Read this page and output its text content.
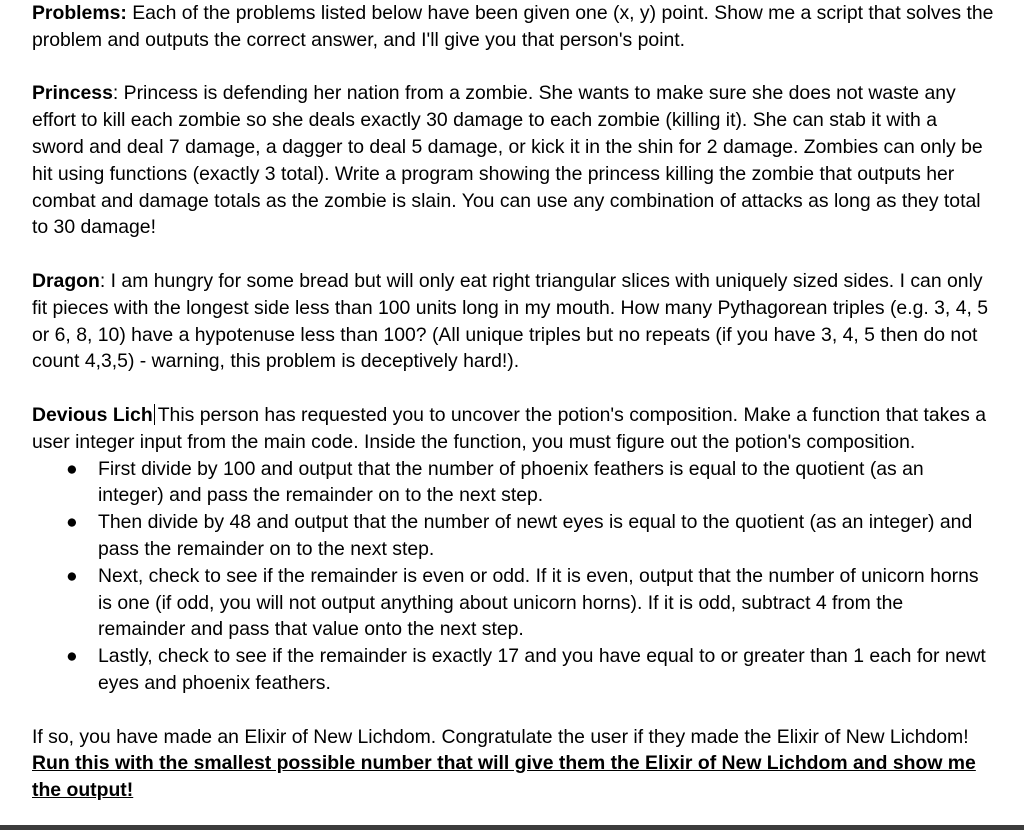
Problems: Each of the problems listed below have been given one (x, y) point. Show me a script that solves the problem and outputs the correct answer, and I'll give you that person's point.

Princess: Princess is defending her nation from a zombie. She wants to make sure she does not waste any effort to kill each zombie so she deals exactly 30 damage to each zombie (killing it). She can stab it with a sword and deal 7 damage, a dagger to deal 5 damage, or kick it in the shin for 2 damage. Zombies can only be hit using functions (exactly 3 total). Write a program showing the princess killing the zombie that outputs her combat and damage totals as the zombie is slain. You can use any combination of attacks as long as they total to 30 damage!

Dragon: I am hungry for some bread but will only eat right triangular slices with uniquely sized sides. I can only fit pieces with the longest side less than 100 units long in my mouth. How many Pythagorean triples (e.g. 3, 4, 5 or 6, 8, 10) have a hypotenuse less than 100? (All unique triples but no repeats (if you have 3, 4, 5 then do not count 4,3,5) - warning, this problem is deceptively hard!).

Devious Lich This person has requested you to uncover the potion's composition. Make a function that takes a user integer input from the main code. Inside the function, you must figure out the potion's composition.

● First divide by 100 and output that the number of phoenix feathers is equal to the quotient (as an integer) and pass the remainder on to the next step.
● Then divide by 48 and output that the number of newt eyes is equal to the quotient (as an integer) and pass the remainder on to the next step.
● Next, check to see if the remainder is even or odd. If it is even, output that the number of unicorn horns is one (if odd, you will not output anything about unicorn horns). If it is odd, subtract 4 from the remainder and pass that value onto the next step.
● Lastly, check to see if the remainder is exactly 17 and you have equal to or greater than 1 each for newt eyes and phoenix feathers.

If so, you have made an Elixir of New Lichdom. Congratulate the user if they made the Elixir of New Lichdom! Run this with the smallest possible number that will give them the Elixir of New Lichdom and show me the output!
